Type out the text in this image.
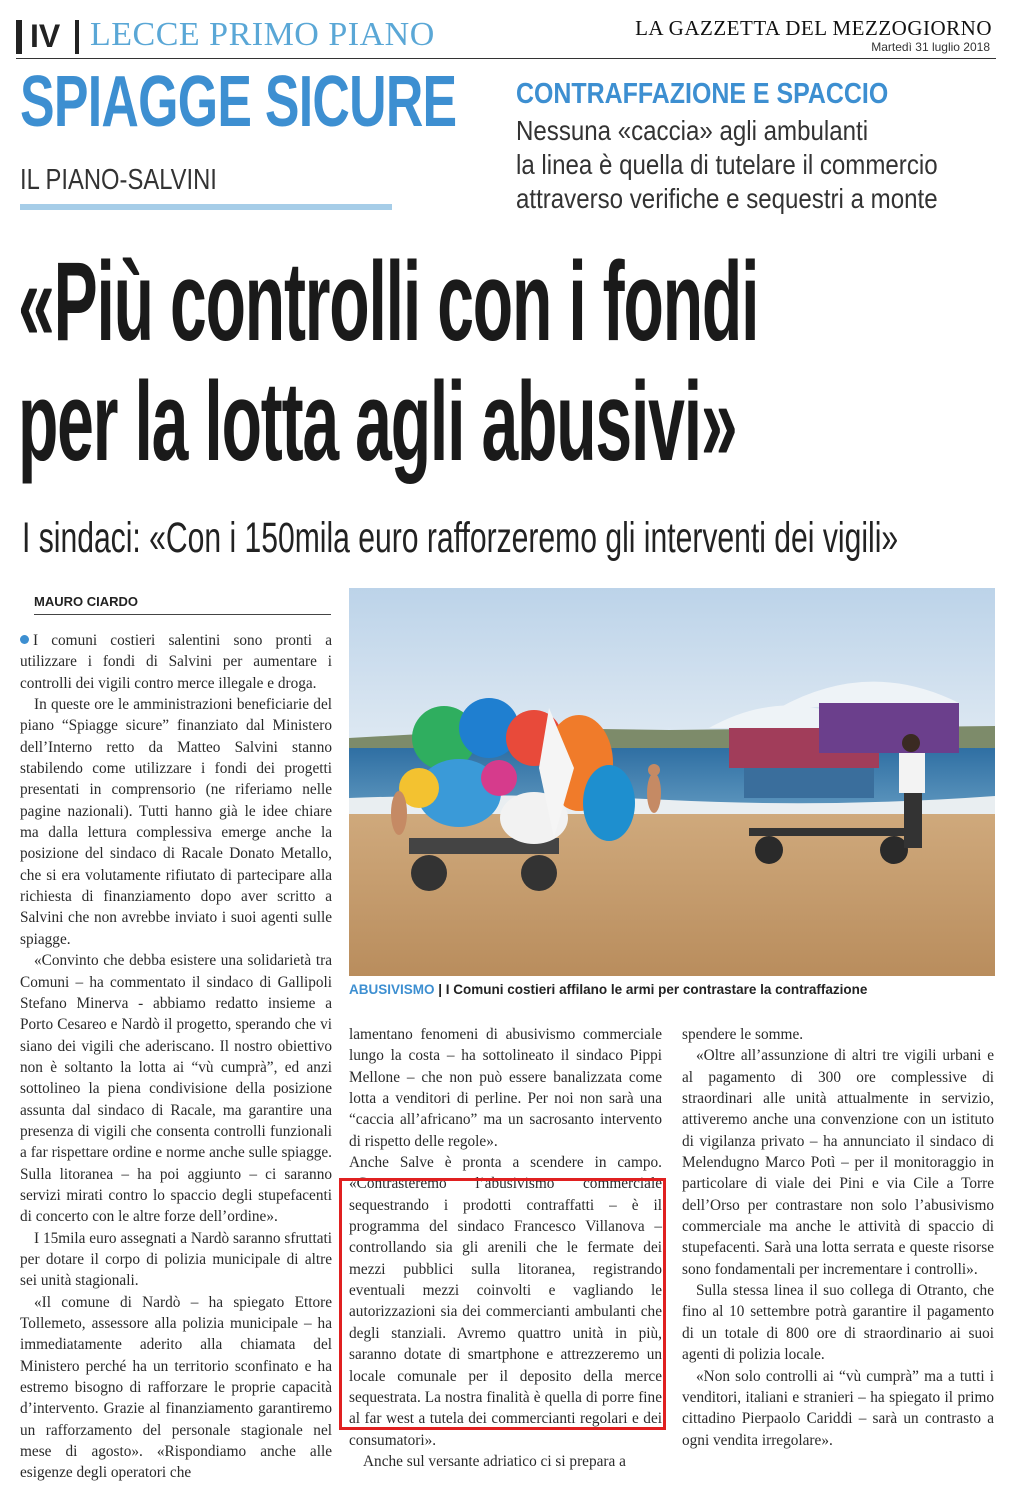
IV LECCE PRIMO PIANO	LA GAZZETTA DEL MEZZOGIORNO
Martedì 31 luglio 2018
SPIAGGE SICURE
IL PIANO-SALVINI
CONTRAFFAZIONE E SPACCIO
Nessuna «caccia» agli ambulanti
la linea è quella di tutelare il commercio
attraverso verifiche e sequestri a monte
«Più controlli con i fondi
per la lotta agli abusivi»
I sindaci: «Con i 150mila euro rafforzeremo gli interventi dei vigili»
MAURO CIARDO
ABUSIVISMO | I Comuni costieri affilano le armi per contrastare la contraffazione

I comuni costieri salentini sono pronti a utilizzare i fondi di Salvini per aumentare i controlli dei vigili contro merce illegale e droga.

In queste ore le amministrazioni beneficiarie del piano “Spiagge sicure” finanziato dal Ministero dell’Interno retto da Matteo Salvini stanno stabilendo come utilizzare i fondi dei progetti presentati in comprensorio (ne riferiamo nelle pagine nazionali). Tutti hanno già le idee chiare ma dalla lettura complessiva emerge anche la posizione del sindaco di Racale Donato Metallo, che si era volutamente rifiutato di partecipare alla richiesta di finanziamento dopo aver scritto a Salvini che non avrebbe inviato i suoi agenti sulle spiagge.

«Convinto che debba esistere una solidarietà tra Comuni – ha commentato il sindaco di Gallipoli Stefano Minerva - abbiamo redatto insieme a Porto Cesareo e Nardò il progetto, sperando che vi siano dei vigili che aderiscano. Il nostro obiettivo non è soltanto la lotta ai “vù cumprà”, ed anzi sottolineo la piena condivisione della posizione assunta dal sindaco di Racale, ma garantire una presenza di vigili che consenta controlli funzionali a far rispettare ordine e norme anche sulle spiagge. Sulla litoranea – ha poi aggiunto – ci saranno servizi mirati contro lo spaccio degli stupefacenti di concerto con le altre forze dell’ordine».

I 15mila euro assegnati a Nardò saranno sfruttati per dotare il corpo di polizia municipale di altre sei unità stagionali.

«Il comune di Nardò – ha spiegato Ettore Tollemeto, assessore alla polizia municipale – ha immediatamente aderito alla chiamata del Ministero perché ha un territorio sconfinato e ha estremo bisogno di rafforzare le proprie capacità d’intervento. Grazie al finanziamento garantiremo un rafforzamento del personale stagionale nel mese di agosto». «Rispondiamo anche alle esigenze degli operatori che

lamentano fenomeni di abusivismo commerciale lungo la costa – ha sottolineato il sindaco Pippi Mellone – che non può essere banalizzata come lotta a venditori di perline. Per noi non sarà una “caccia all’africano” ma un sacrosanto intervento di rispetto delle regole».

Anche Salve è pronta a scendere in campo. «Contrasteremo l’abusivismo commerciale sequestrando i prodotti contraffatti – è il programma del sindaco Francesco Villanova – controllando sia gli arenili che le fermate dei mezzi pubblici sulla litoranea, registrando eventuali mezzi coinvolti e vagliando le autorizzazioni sia dei commercianti ambulanti che degli stanziali. Avremo quattro unità in più, saranno dotate di smartphone e attrezzeremo un locale comunale per il deposito della merce sequestrata. La nostra finalità è quella di porre fine al far west a tutela dei commercianti regolari e dei consumatori».

Anche sul versante adriatico ci si prepara a

spendere le somme.

«Oltre all’assunzione di altri tre vigili urbani e al pagamento di 300 ore complessive di straordinari alle unità attualmente in servizio, attiveremo anche una convenzione con un istituto di vigilanza privato – ha annunciato il sindaco di Melendugno Marco Potì – per il monitoraggio in particolare di viale dei Pini e via Cile a Torre dell’Orso per contrastare non solo l’abusivismo commerciale ma anche le attività di spaccio di stupefacenti. Sarà una lotta serrata e queste risorse sono fondamentali per incrementare i controlli».

Sulla stessa linea il suo collega di Otranto, che fino al 10 settembre potrà garantire il pagamento di un totale di 800 ore di straordinario ai suoi agenti di polizia locale.

«Non solo controlli ai “vù cumprà” ma a tutti i venditori, italiani e stranieri – ha spiegato il primo cittadino Pierpaolo Cariddi – sarà un contrasto a ogni vendita irregolare».
